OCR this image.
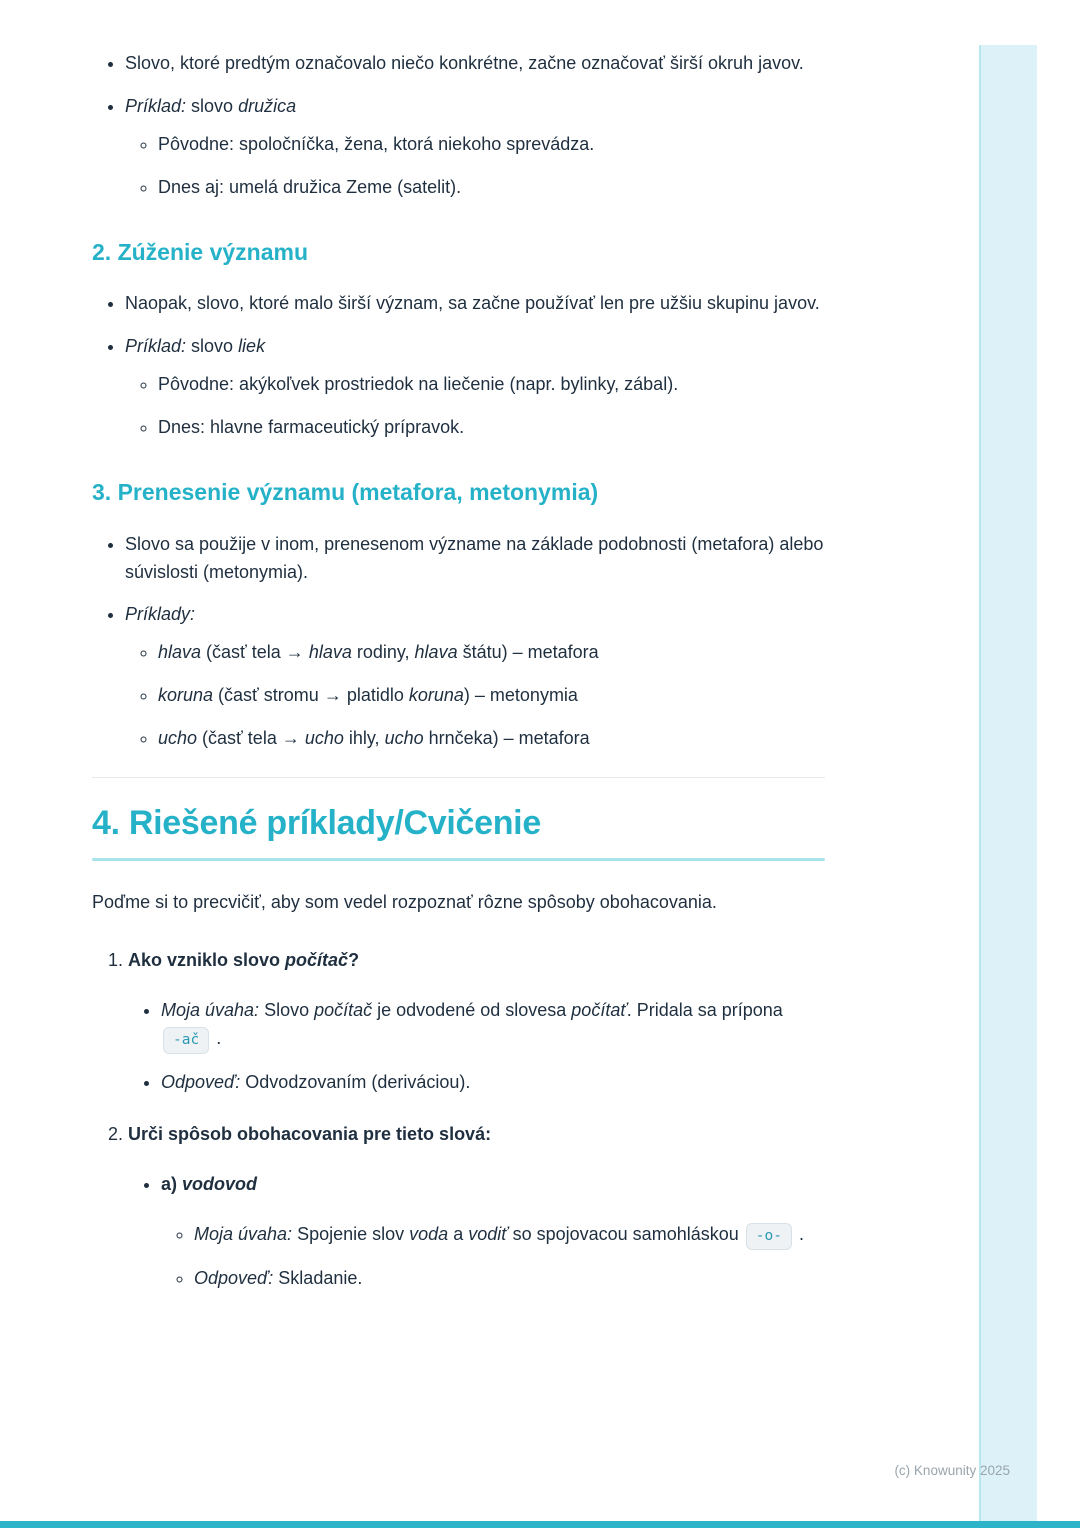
• Slovo, ktoré predtým označovalo niečo konkrétne, začne označovať širší okruh javov.
• Príklad: slovo družica
◦ Pôvodne: spoločníčka, žena, ktorá niekoho sprevádza.
◦ Dnes aj: umelá družica Zeme (satelit).
2. Zúženie významu
• Naopak, slovo, ktoré malo širší význam, sa začne používať len pre užšiu skupinu javov.
• Príklad: slovo liek
◦ Pôvodne: akýkoľvek prostriedok na liečenie (napr. bylinky, zábal).
◦ Dnes: hlavne farmaceutický prípravok.
3. Prenesenie významu (metafora, metonymia)
• Slovo sa použije v inom, prenesenom význame na základe podobnosti (metafora) alebo súvislosti (metonymia).
• Príklady:
◦ hlava (časť tela → hlava rodiny, hlava štátu) – metafora
◦ koruna (časť stromu → platidlo koruna) – metonymia
◦ ucho (časť tela → ucho ihly, ucho hrnčeka) – metafora
4. Riešené príklady/Cvičenie

Poďme si to precvičiť, aby som vedel rozpoznať rôzne spôsoby obohacovania.

1. Ako vzniklo slovo počítač?
• Moja úvaha: Slovo počítač je odvodené od slovesa počítať. Pridala sa prípona -ač .
• Odpoveď: Odvodzovaním (deriváciou).
2. Urči spôsob obohacovania pre tieto slová:
• a) vodovod
◦ Moja úvaha: Spojenie slov voda a vodiť so spojovacou samohláskou -o- .
◦ Odpoveď: Skladanie.
(c) Knowunity 2025
